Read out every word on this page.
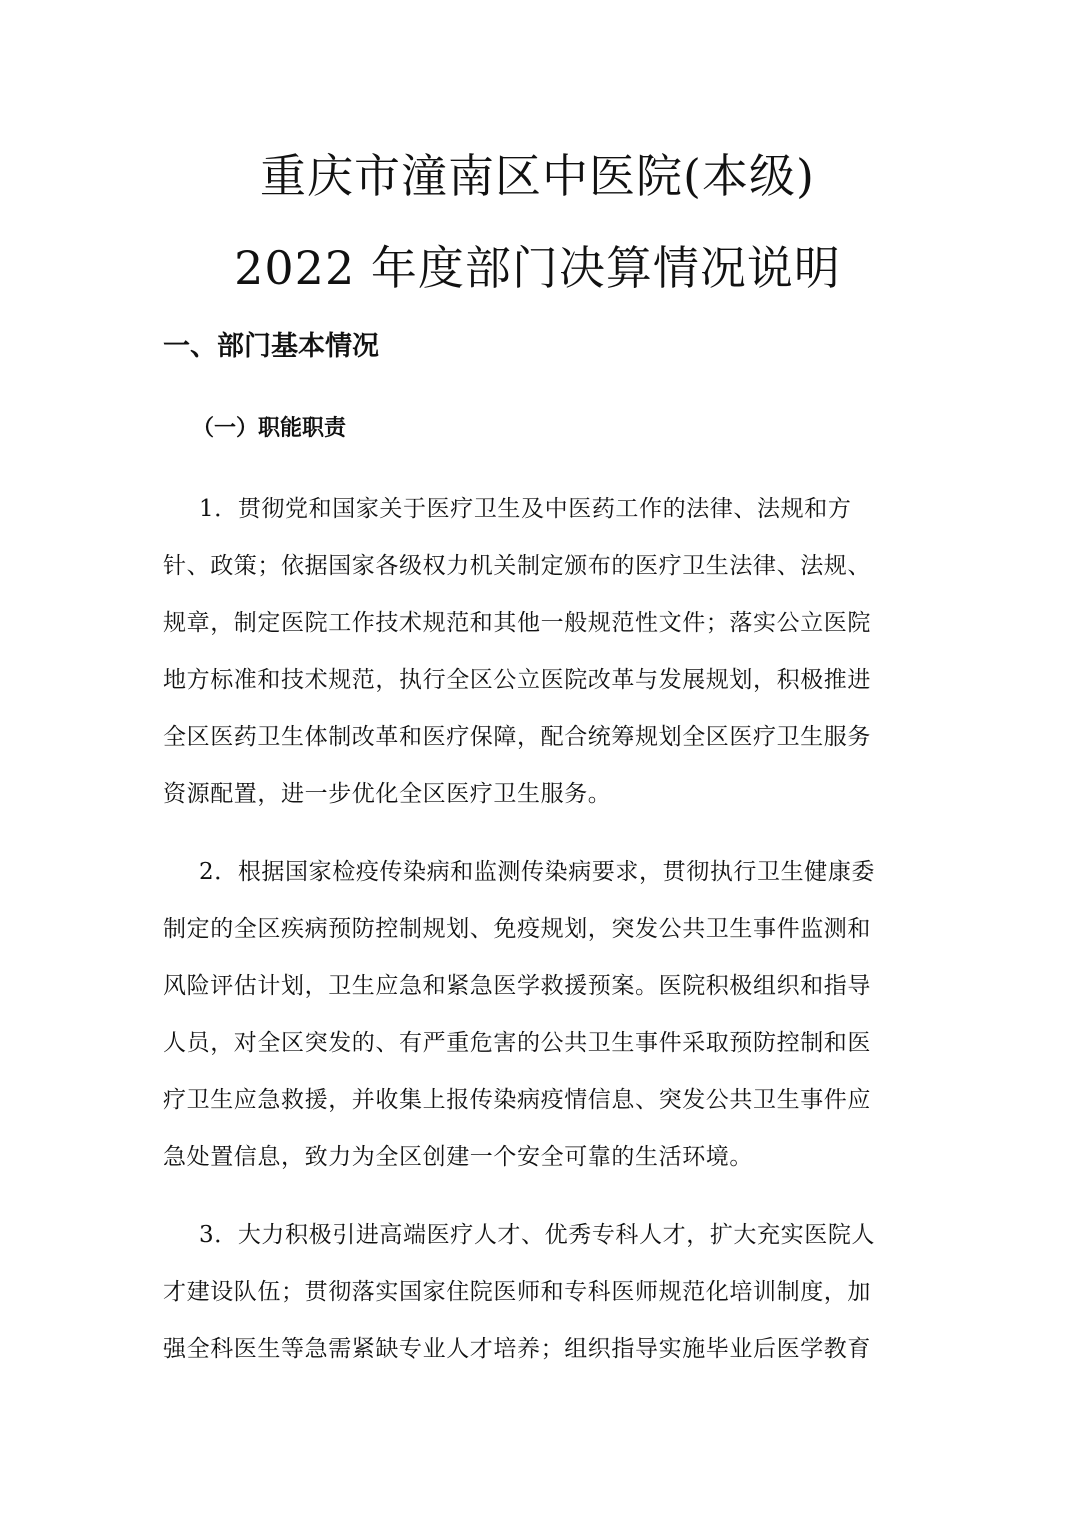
重庆市潼南区中医院(本级)
2022 年度部门决算情况说明
一、部门基本情况
（一）职能职责
1．贯彻党和国家关于医疗卫生及中医药工作的法律、法规和方
针、政策；依据国家各级权力机关制定颁布的医疗卫生法律、法规、
规章，制定医院工作技术规范和其他一般规范性文件；落实公立医院
地方标准和技术规范，执行全区公立医院改革与发展规划，积极推进
全区医药卫生体制改革和医疗保障，配合统筹规划全区医疗卫生服务
资源配置，进一步优化全区医疗卫生服务。
2．根据国家检疫传染病和监测传染病要求，贯彻执行卫生健康委
制定的全区疾病预防控制规划、免疫规划，突发公共卫生事件监测和
风险评估计划，卫生应急和紧急医学救援预案。医院积极组织和指导
人员，对全区突发的、有严重危害的公共卫生事件采取预防控制和医
疗卫生应急救援，并收集上报传染病疫情信息、突发公共卫生事件应
急处置信息，致力为全区创建一个安全可靠的生活环境。
3．大力积极引进高端医疗人才、优秀专科人才，扩大充实医院人
才建设队伍；贯彻落实国家住院医师和专科医师规范化培训制度，加
强全科医生等急需紧缺专业人才培养；组织指导实施毕业后医学教育
